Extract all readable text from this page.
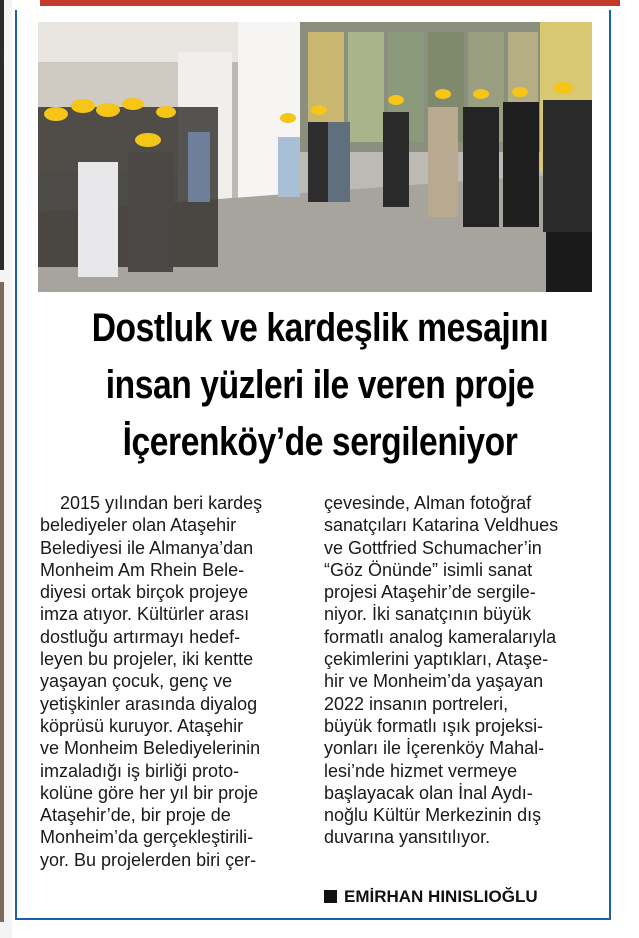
ı
Dostluk ve kardeşlik mesajını
insan yüzleri ile veren proje
İçerenköy’de sergileniyor
2015 yılından beri kardeş
belediyeler olan Ataşehir
Belediyesi ile Almanya’dan
Monheim Am Rhein Bele-
diyesi ortak birçok projeye
imza atıyor. Kültürler arası
dostluğu artırmayı hedef-
leyen bu projeler, iki kentte
yaşayan çocuk, genç ve
yetişkinler arasında diyalog
köprüsü kuruyor. Ataşehir
ve Monheim Belediyelerinin
imzaladığı iş birliği proto-
kolüne göre her yıl bir proje
Ataşehir’de, bir proje de
Monheim’da gerçekleştirili-
yor. Bu projelerden biri çer-
çevesinde, Alman fotoğraf
sanatçıları Katarina Veldhues
ve Gottfried Schumacher’in
“Göz Önünde” isimli sanat
projesi Ataşehir’de sergile-
niyor. İki sanatçının büyük
formatlı analog kameralarıyla
çekimlerini yaptıkları, Ataşe-
hir ve Monheim’da yaşayan
2022 insanın portreleri,
büyük formatlı ışık projeksi-
yonları ile İçerenköy Mahal-
lesi’nde hizmet vermeye
başlayacak olan İnal Aydı-
noğlu Kültür Merkezinin dış
duvarına yansıtılıyor.
EMİRHAN HINISLIOĞLU
